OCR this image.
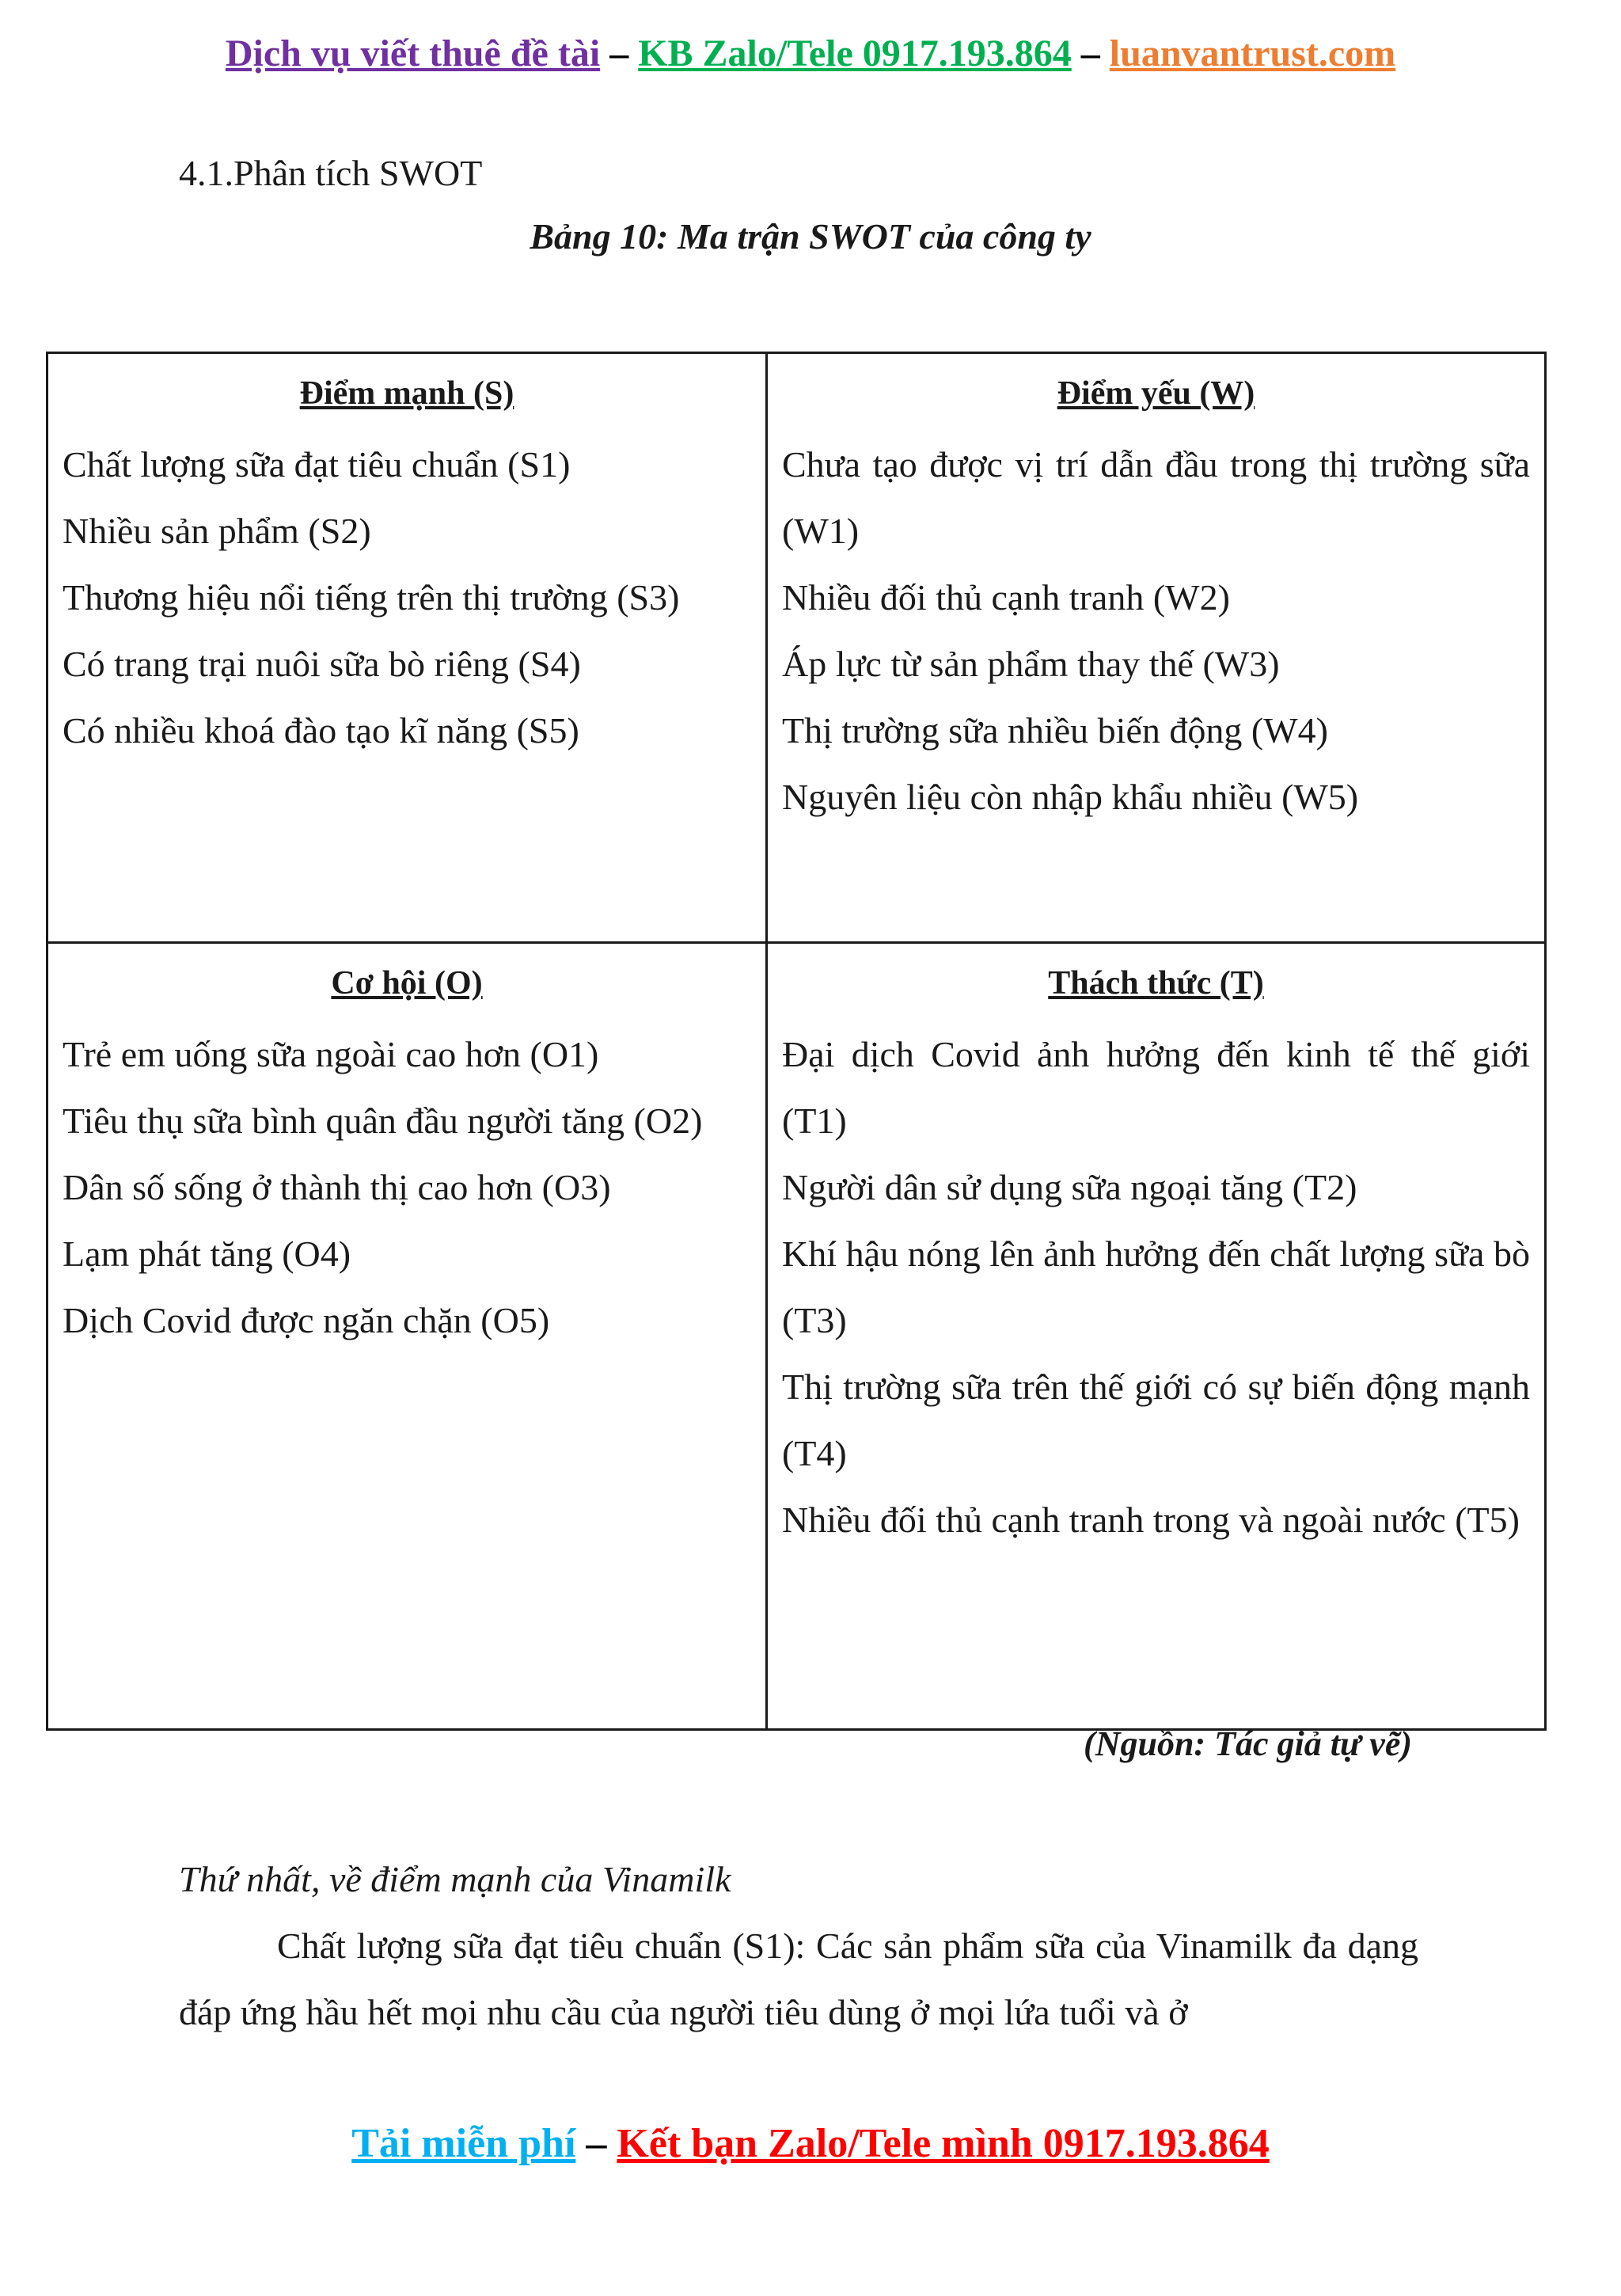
Dịch vụ viết thuê đề tài – KB Zalo/Tele 0917.193.864 – luanvantrust.com
4.1.Phân tích SWOT
Bảng 10: Ma trận SWOT của công ty
Điểm mạnh (S)
Chất lượng sữa đạt tiêu chuẩn (S1)
Nhiều sản phẩm (S2)
Thương hiệu nổi tiếng trên thị trường (S3)
Có trang trại nuôi sữa bò riêng (S4)
Có nhiều khoá đào tạo kĩ năng (S5)
Điểm yếu (W)
Chưa tạo được vị trí dẫn đầu trong thị trường sữa (W1)
Nhiều đối thủ cạnh tranh (W2)
Áp lực từ sản phẩm thay thế (W3)
Thị trường sữa nhiều biến động (W4)
Nguyên liệu còn nhập khẩu nhiều (W5)
Cơ hội (O)
Trẻ em uống sữa ngoài cao hơn (O1)
Tiêu thụ sữa bình quân đầu người tăng (O2)
Dân số sống ở thành thị cao hơn (O3)
Lạm phát tăng (O4)
Dịch Covid được ngăn chặn (O5)
Thách thức (T)
Đại dịch Covid ảnh hưởng đến kinh tế thế giới (T1)
Người dân sử dụng sữa ngoại tăng (T2)
Khí hậu nóng lên ảnh hưởng đến chất lượng sữa bò (T3)
Thị trường sữa trên thế giới có sự biến động mạnh (T4)
Nhiều đối thủ cạnh tranh trong và ngoài nước (T5)
(Nguồn: Tác giả tự vẽ)
Thứ nhất, về điểm mạnh của Vinamilk
Chất lượng sữa đạt tiêu chuẩn (S1): Các sản phẩm sữa của Vinamilk đa dạng đáp ứng hầu hết mọi nhu cầu của người tiêu dùng ở mọi lứa tuổi và ở
Tải miễn phí – Kết bạn Zalo/Tele mình 0917.193.864
